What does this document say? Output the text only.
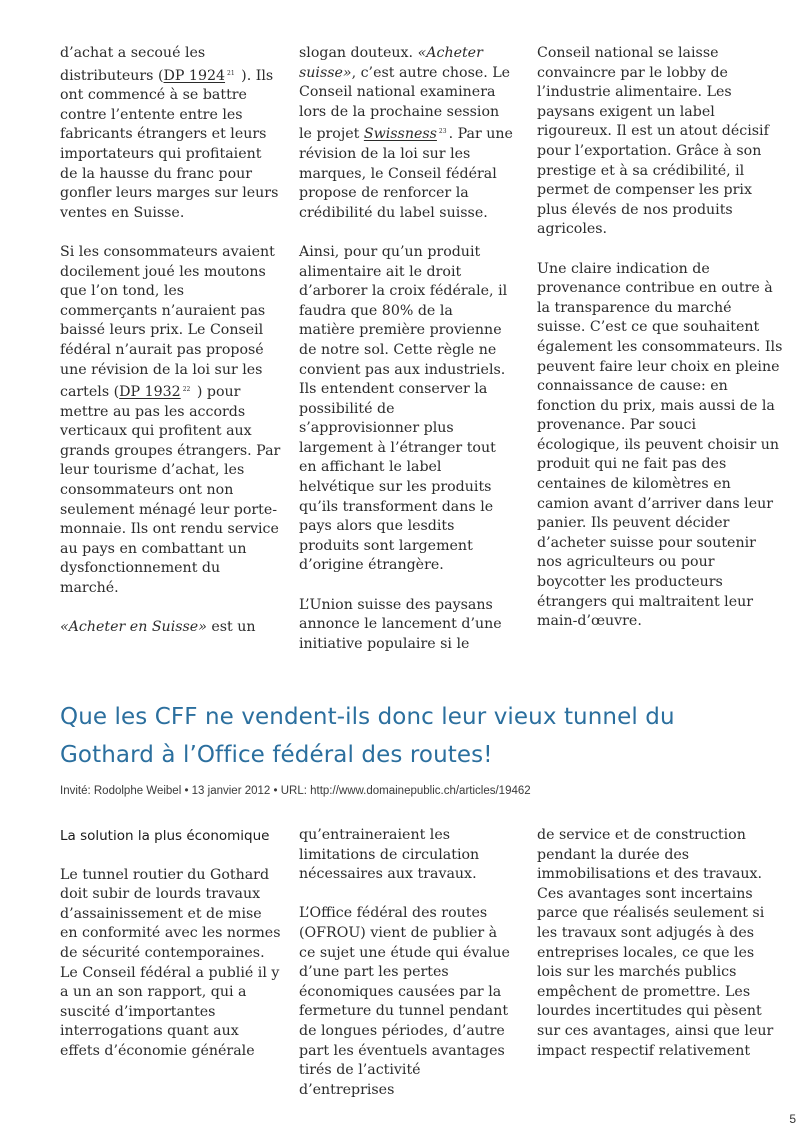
d’achat a secoué les distributeurs (DP 1924 $^{21}$ ). Ils ont commencé à se battre contre l’entente entre les fabricants étrangers et leurs importateurs qui profitaient de la hausse du franc pour gonfler leurs marges sur leurs ventes en Suisse.

Si les consommateurs avaient docilement joué les moutons que l’on tond, les commerçants n’auraient pas baissé leurs prix. Le Conseil fédéral n’aurait pas proposé une révision de la loi sur les cartels (DP 1932 $^{22}$ ) pour mettre au pas les accords verticaux qui profitent aux grands groupes étrangers. Par leur tourisme d’achat, les consommateurs ont non seulement ménagé leur porte-monnaie. Ils ont rendu service au pays en combattant un dysfonctionnement du marché.

«Acheter en Suisse» est un

slogan douteux. «Acheter suisse», c’est autre chose. Le Conseil national examinera lors de la prochaine session le projet Swissness $^{23}$ . Par une révision de la loi sur les marques, le Conseil fédéral propose de renforcer la crédibilité du label suisse.

Ainsi, pour qu’un produit alimentaire ait le droit d’arborer la croix fédérale, il faudra que 80% de la matière première provienne de notre sol. Cette règle ne convient pas aux industriels. Ils entendent conserver la possibilité de s’approvisionner plus largement à l’étranger tout en affichant le label helvétique sur les produits qu’ils transforment dans le pays alors que lesdits produits sont largement d’origine étrangère.

L’Union suisse des paysans annonce le lancement d’une initiative populaire si le

Conseil national se laisse convaincre par le lobby de l’industrie alimentaire. Les paysans exigent un label rigoureux. Il est un atout décisif pour l’exportation. Grâce à son prestige et à sa crédibilité, il permet de compenser les prix plus élevés de nos produits agricoles.

Une claire indication de provenance contribue en outre à la transparence du marché suisse. C’est ce que souhaitent également les consommateurs. Ils peuvent faire leur choix en pleine connaissance de cause: en fonction du prix, mais aussi de la provenance. Par souci écologique, ils peuvent choisir un produit qui ne fait pas des centaines de kilomètres en camion avant d’arriver dans leur panier. Ils peuvent décider d’acheter suisse pour soutenir nos agriculteurs ou pour boycotter les producteurs étrangers qui maltraitent leur main-d’œuvre.

Que les CFF ne vendent-ils donc leur vieux tunnel du Gothard à l’Office fédéral des routes!

Invité: Rodolphe Weibel • 13 janvier 2012 • URL: http://www.domainepublic.ch/articles/19462

La solution la plus économique

Le tunnel routier du Gothard doit subir de lourds travaux d’assainissement et de mise en conformité avec les normes de sécurité contemporaines. Le Conseil fédéral a publié il y a un an son rapport, qui a suscité d’importantes interrogations quant aux effets d’économie générale

qu’entraineraient les limitations de circulation nécessaires aux travaux.

L’Office fédéral des routes (OFROU) vient de publier à ce sujet une étude qui évalue d’une part les pertes économiques causées par la fermeture du tunnel pendant de longues périodes, d’autre part les éventuels avantages tirés de l’activité d’entreprises

de service et de construction pendant la durée des immobilisations et des travaux. Ces avantages sont incertains parce que réalisés seulement si les travaux sont adjugés à des entreprises locales, ce que les lois sur les marchés publics empêchent de promettre. Les lourdes incertitudes qui pèsent sur ces avantages, ainsi que leur impact respectif relativement

5
